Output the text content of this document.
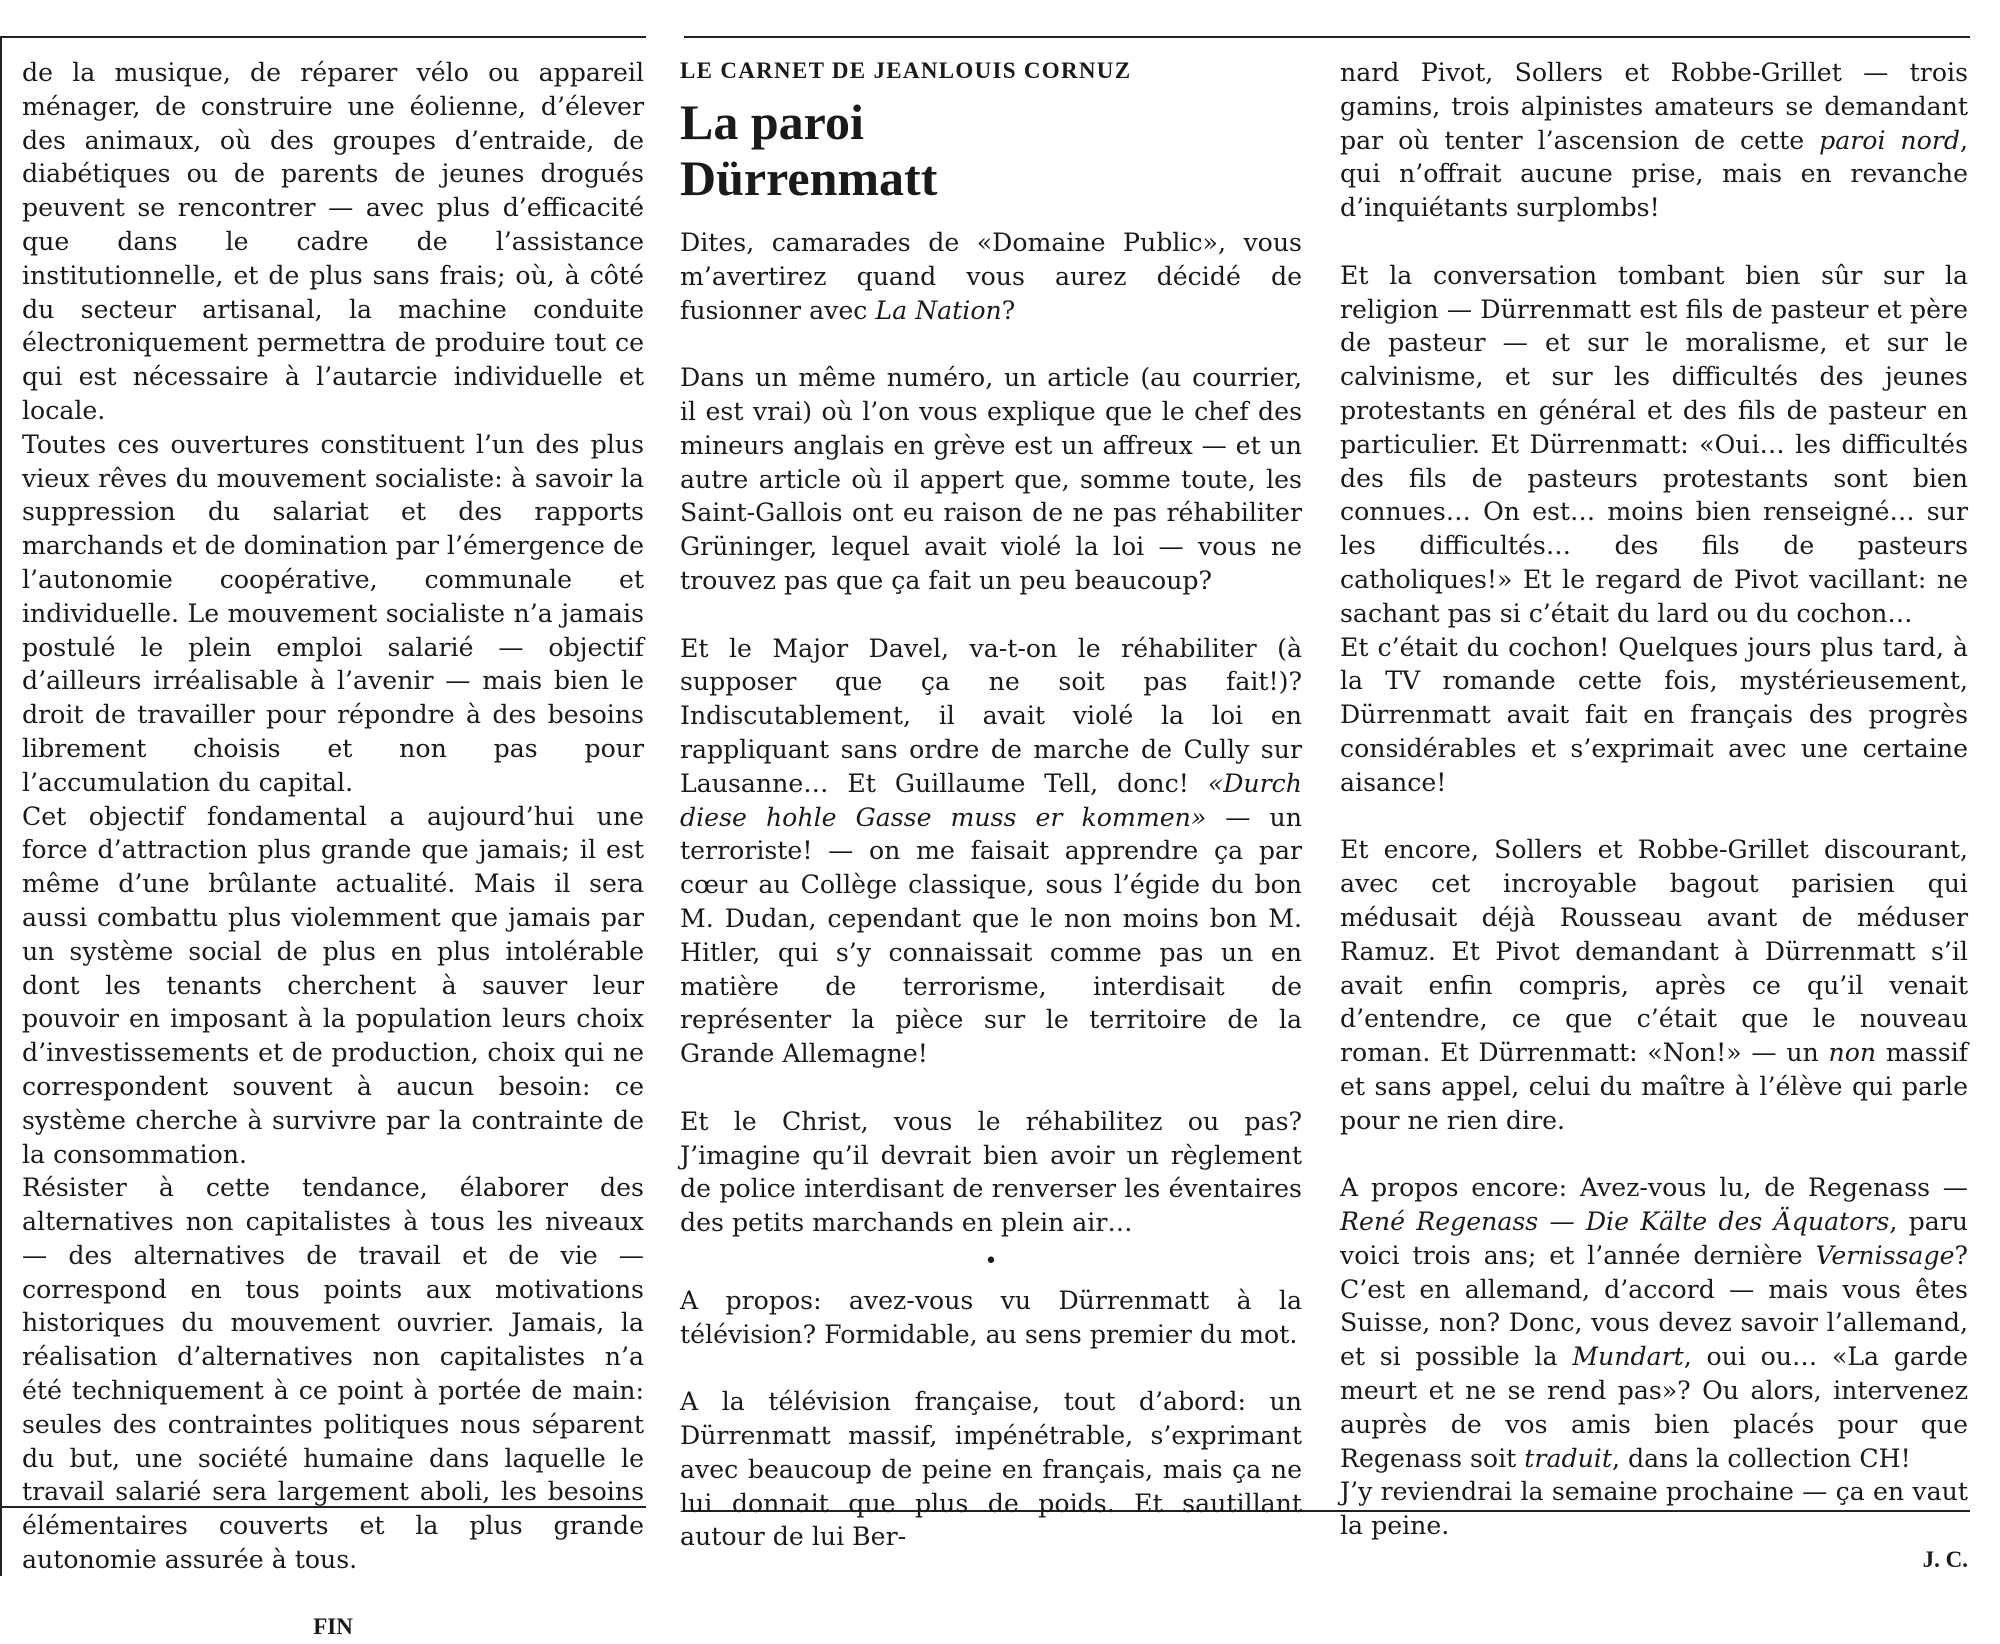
de la musique, de réparer vélo ou appareil ménager, de construire une éolienne, d’élever des animaux, où des groupes d’entraide, de diabétiques ou de parents de jeunes drogués peuvent se rencontrer — avec plus d’efficacité que dans le cadre de l’assistance institutionnelle, et de plus sans frais; où, à côté du secteur artisanal, la machine conduite électroniquement permettra de produire tout ce qui est nécessaire à l’autarcie individuelle et locale.

Toutes ces ouvertures constituent l’un des plus vieux rêves du mouvement socialiste: à savoir la suppression du salariat et des rapports marchands et de domination par l’émergence de l’autonomie coopérative, communale et individuelle. Le mouvement socialiste n’a jamais postulé le plein emploi salarié — objectif d’ailleurs irréalisable à l’avenir — mais bien le droit de travailler pour répondre à des besoins librement choisis et non pas pour l’accumulation du capital.

Cet objectif fondamental a aujourd’hui une force d’attraction plus grande que jamais; il est même d’une brûlante actualité. Mais il sera aussi combattu plus violemment que jamais par un système social de plus en plus intolérable dont les tenants cherchent à sauver leur pouvoir en imposant à la population leurs choix d’investissements et de production, choix qui ne correspondent souvent à aucun besoin: ce système cherche à survivre par la contrainte de la consommation.

Résister à cette tendance, élaborer des alternatives non capitalistes à tous les niveaux — des alternatives de travail et de vie — correspond en tous points aux motivations historiques du mouvement ouvrier. Jamais, la réalisation d’alternatives non capitalistes n’a été techniquement à ce point à portée de main: seules des contraintes politiques nous séparent du but, une société humaine dans laquelle le travail salarié sera largement aboli, les besoins élémentaires couverts et la plus grande autonomie assurée à tous.

FIN
LE CARNET DE JEANLOUIS CORNUZ
La paroi
Dürrenmatt

Dites, camarades de «Domaine Public», vous m’avertirez quand vous aurez décidé de fusionner avec La Nation?

Dans un même numéro, un article (au courrier, il est vrai) où l’on vous explique que le chef des mineurs anglais en grève est un affreux — et un autre article où il appert que, somme toute, les Saint-Gallois ont eu raison de ne pas réhabiliter Grüninger, lequel avait violé la loi — vous ne trouvez pas que ça fait un peu beaucoup?

Et le Major Davel, va-t-on le réhabiliter (à supposer que ça ne soit pas fait!)? Indiscutablement, il avait violé la loi en rappliquant sans ordre de marche de Cully sur Lausanne… Et Guillaume Tell, donc! «Durch diese hohle Gasse muss er kommen» — un terroriste! — on me faisait apprendre ça par cœur au Collège classique, sous l’égide du bon M. Dudan, cependant que le non moins bon M. Hitler, qui s’y connaissait comme pas un en matière de terrorisme, interdisait de représenter la pièce sur le territoire de la Grande Allemagne!

Et le Christ, vous le réhabilitez ou pas? J’imagine qu’il devrait bien avoir un règlement de police interdisant de renverser les éventaires des petits marchands en plein air…

•

A propos: avez-vous vu Dürrenmatt à la télévision? Formidable, au sens premier du mot.

A la télévision française, tout d’abord: un Dürrenmatt massif, impénétrable, s’exprimant avec beaucoup de peine en français, mais ça ne lui donnait que plus de poids. Et sautillant autour de lui Ber-

nard Pivot, Sollers et Robbe-Grillet — trois gamins, trois alpinistes amateurs se demandant par où tenter l’ascension de cette paroi nord, qui n’offrait aucune prise, mais en revanche d’inquiétants surplombs!

Et la conversation tombant bien sûr sur la religion — Dürrenmatt est fils de pasteur et père de pasteur — et sur le moralisme, et sur le calvinisme, et sur les difficultés des jeunes protestants en général et des fils de pasteur en particulier. Et Dürrenmatt: «Oui… les difficultés des fils de pasteurs protestants sont bien connues… On est… moins bien renseigné… sur les difficultés… des fils de pasteurs catholiques!» Et le regard de Pivot vacillant: ne sachant pas si c’était du lard ou du cochon…

Et c’était du cochon! Quelques jours plus tard, à la TV romande cette fois, mystérieusement, Dürrenmatt avait fait en français des progrès considérables et s’exprimait avec une certaine aisance!

Et encore, Sollers et Robbe-Grillet discourant, avec cet incroyable bagout parisien qui médusait déjà Rousseau avant de méduser Ramuz. Et Pivot demandant à Dürrenmatt s’il avait enfin compris, après ce qu’il venait d’entendre, ce que c’était que le nouveau roman. Et Dürrenmatt: «Non!» — un non massif et sans appel, celui du maître à l’élève qui parle pour ne rien dire.

A propos encore: Avez-vous lu, de Regenass — René Regenass — Die Kälte des Äquators, paru voici trois ans; et l’année dernière Vernissage? C’est en allemand, d’accord — mais vous êtes Suisse, non? Donc, vous devez savoir l’allemand, et si possible la Mundart, oui ou… «La garde meurt et ne se rend pas»? Ou alors, intervenez auprès de vos amis bien placés pour que Regenass soit traduit, dans la collection CH!

J’y reviendrai la semaine prochaine — ça en vaut la peine.

J. C.
